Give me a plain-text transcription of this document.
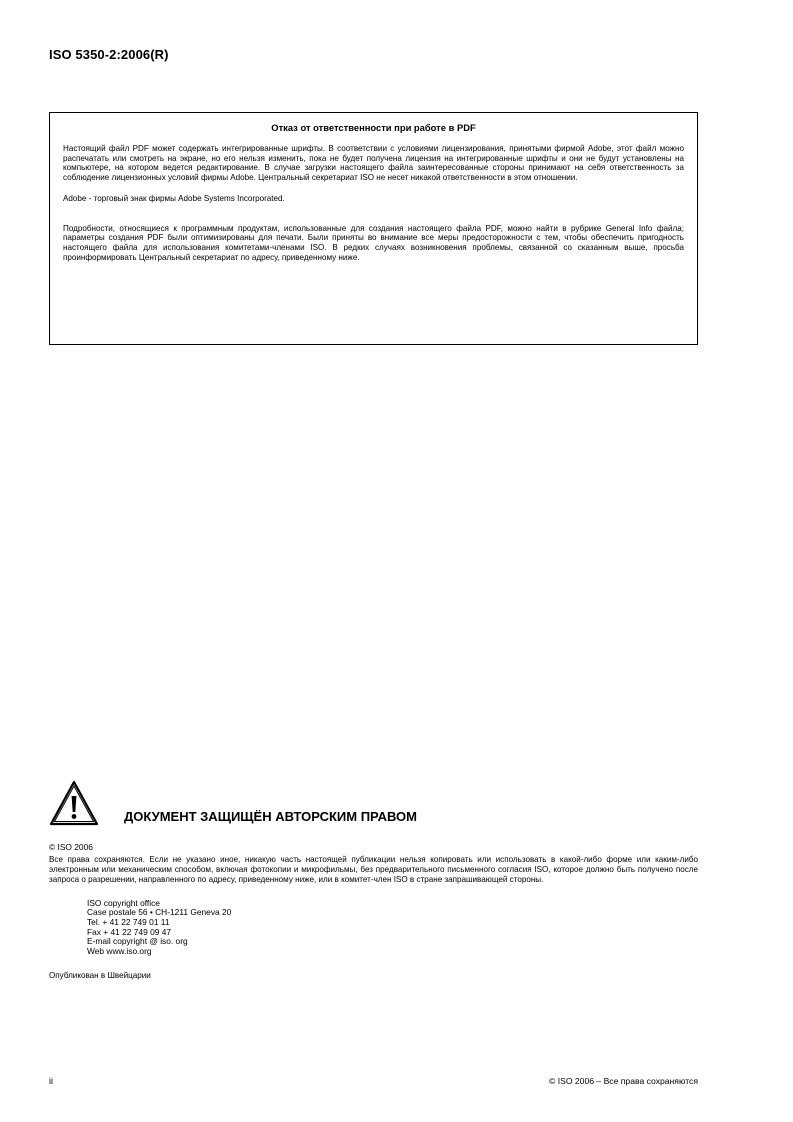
ISO 5350-2:2006(R)

Отказ от ответственности при работе в PDF

Настоящий файл PDF может содержать интегрированные шрифты. В соответствии с условиями лицензирования, принятыми фирмой Adobe, этот файл можно распечатать или смотреть на экране, но его нельзя изменить, пока не будет получена лицензия на интегрированные шрифты и они не будут установлены на компьютере, на котором ведется редактирование. В случае загрузки настоящего файла заинтересованные стороны принимают на себя ответственность за соблюдение лицензионных условий фирмы Adobe. Центральный секретариат ISO не несет никакой ответственности в этом отношении.

Adobe - торговый знак фирмы Adobe Systems Incorporated.

Подробности, относящиеся к программным продуктам, использованные для создания настоящего файла PDF, можно найти в рубрике General Info файла; параметры создания PDF были оптимизированы для печати. Были приняты во внимание все меры предосторожности с тем, чтобы обеспечить пригодность настоящего файла для использования комитетами-членами ISO. В редких случаях возникновения проблемы, связанной со сказанным выше, просьба проинформировать Центральный секретариат по адресу, приведенному ниже.

ДОКУМЕНТ ЗАЩИЩЁН АВТОРСКИМ ПРАВОМ
© ISO 2006

Все права сохраняются. Если не указано иное, никакую часть настоящей публикации нельзя копировать или использовать в какой-либо форме или каким-либо электронным или механическим способом, включая фотокопии и микрофильмы, без предварительного письменного согласия ISO, которое должно быть получено после запроса о разрешении, направленного по адресу, приведенному ниже, или в комитет-член ISO в стране запрашивающей стороны.

ISO copyright office
Case postale 56 • CH-1211 Geneva 20
Tel. + 41 22 749 01 11
Fax + 41 22 749 09 47
E-mail copyright @ iso. org
Web www.iso.org
Опубликован в Швейцарии
ii	© ISO 2006 – Все права сохраняются
